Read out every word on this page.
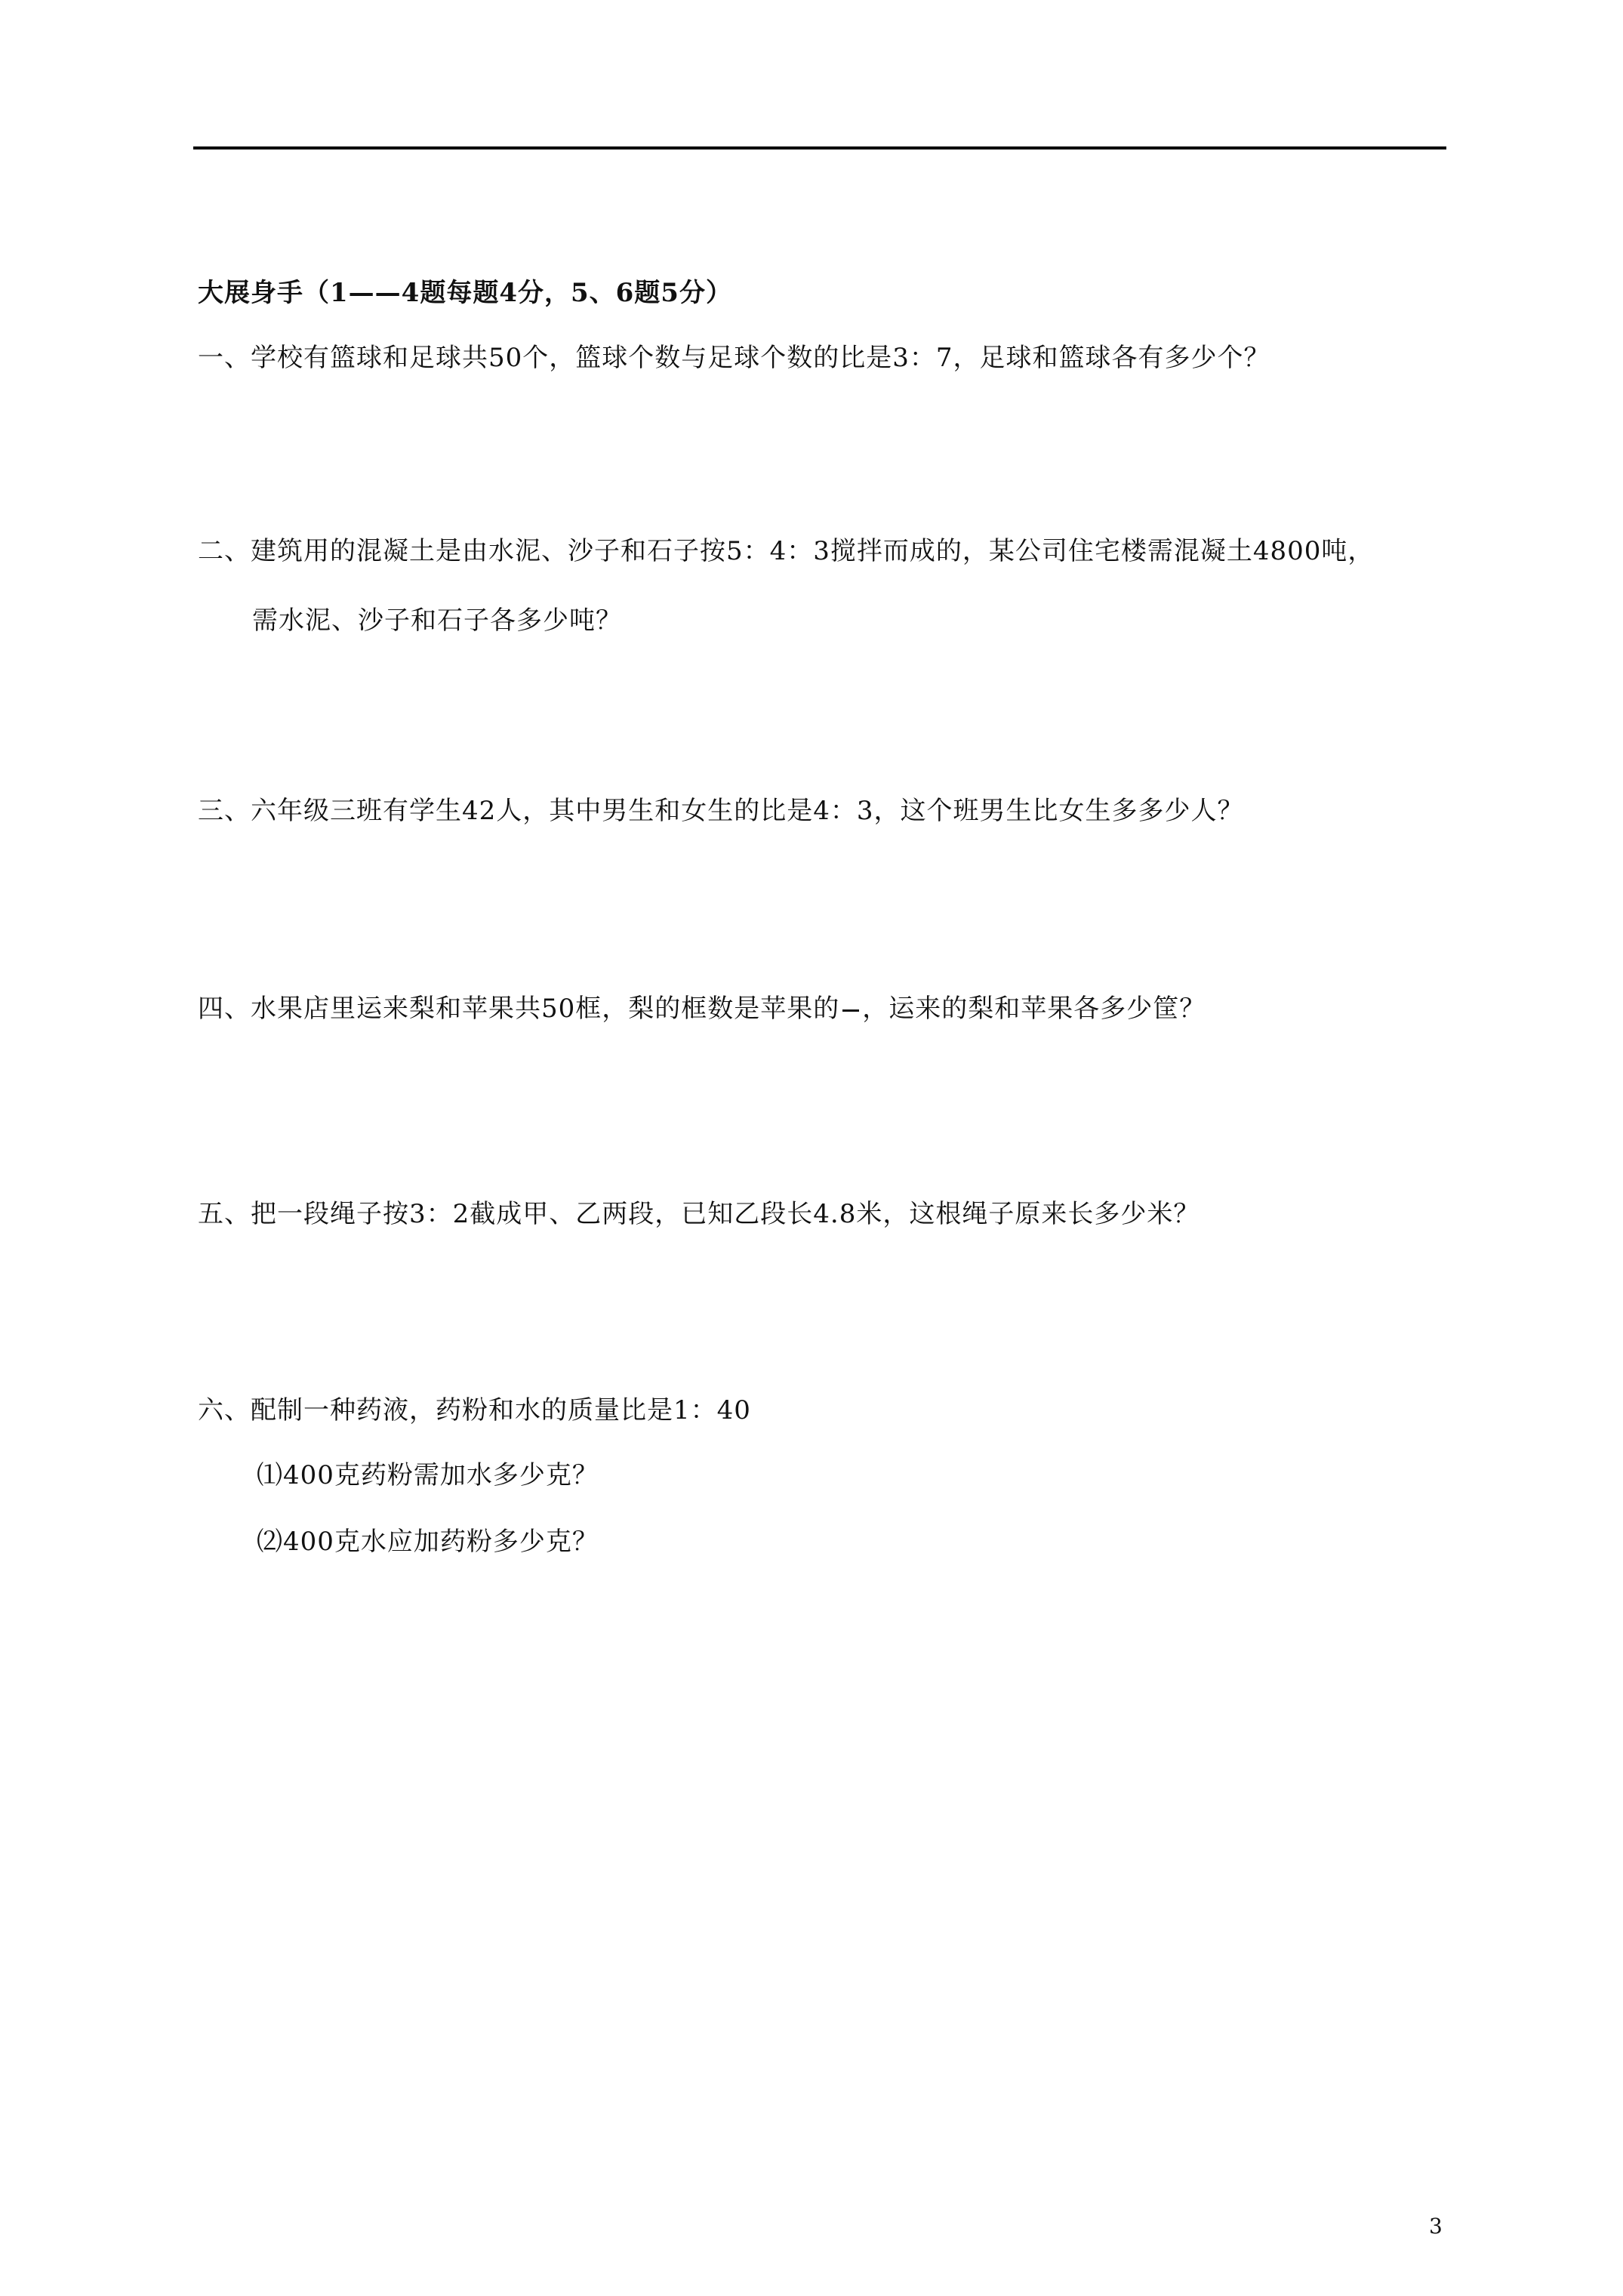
大展身手（1——4题每题4分，5、6题5分）
一、学校有篮球和足球共50个，篮球个数与足球个数的比是3：7，足球和篮球各有多少个？
二、建筑用的混凝土是由水泥、沙子和石子按5：4：3搅拌而成的，某公司住宅楼需混凝土4800吨，
需水泥、沙子和石子各多少吨？
三、六年级三班有学生42人，其中男生和女生的比是4：3，这个班男生比女生多多少人？
四、水果店里运来梨和苹果共50框，梨的框数是苹果的 ，运来的梨和苹果各多少筐？
五、把一段绳子按3：2截成甲、乙两段，已知乙段长4.8米，这根绳子原来长多少米？
六、配制一种药液，药粉和水的质量比是1：40
⑴400克药粉需加水多少克？
⑵400克水应加药粉多少克？
3
